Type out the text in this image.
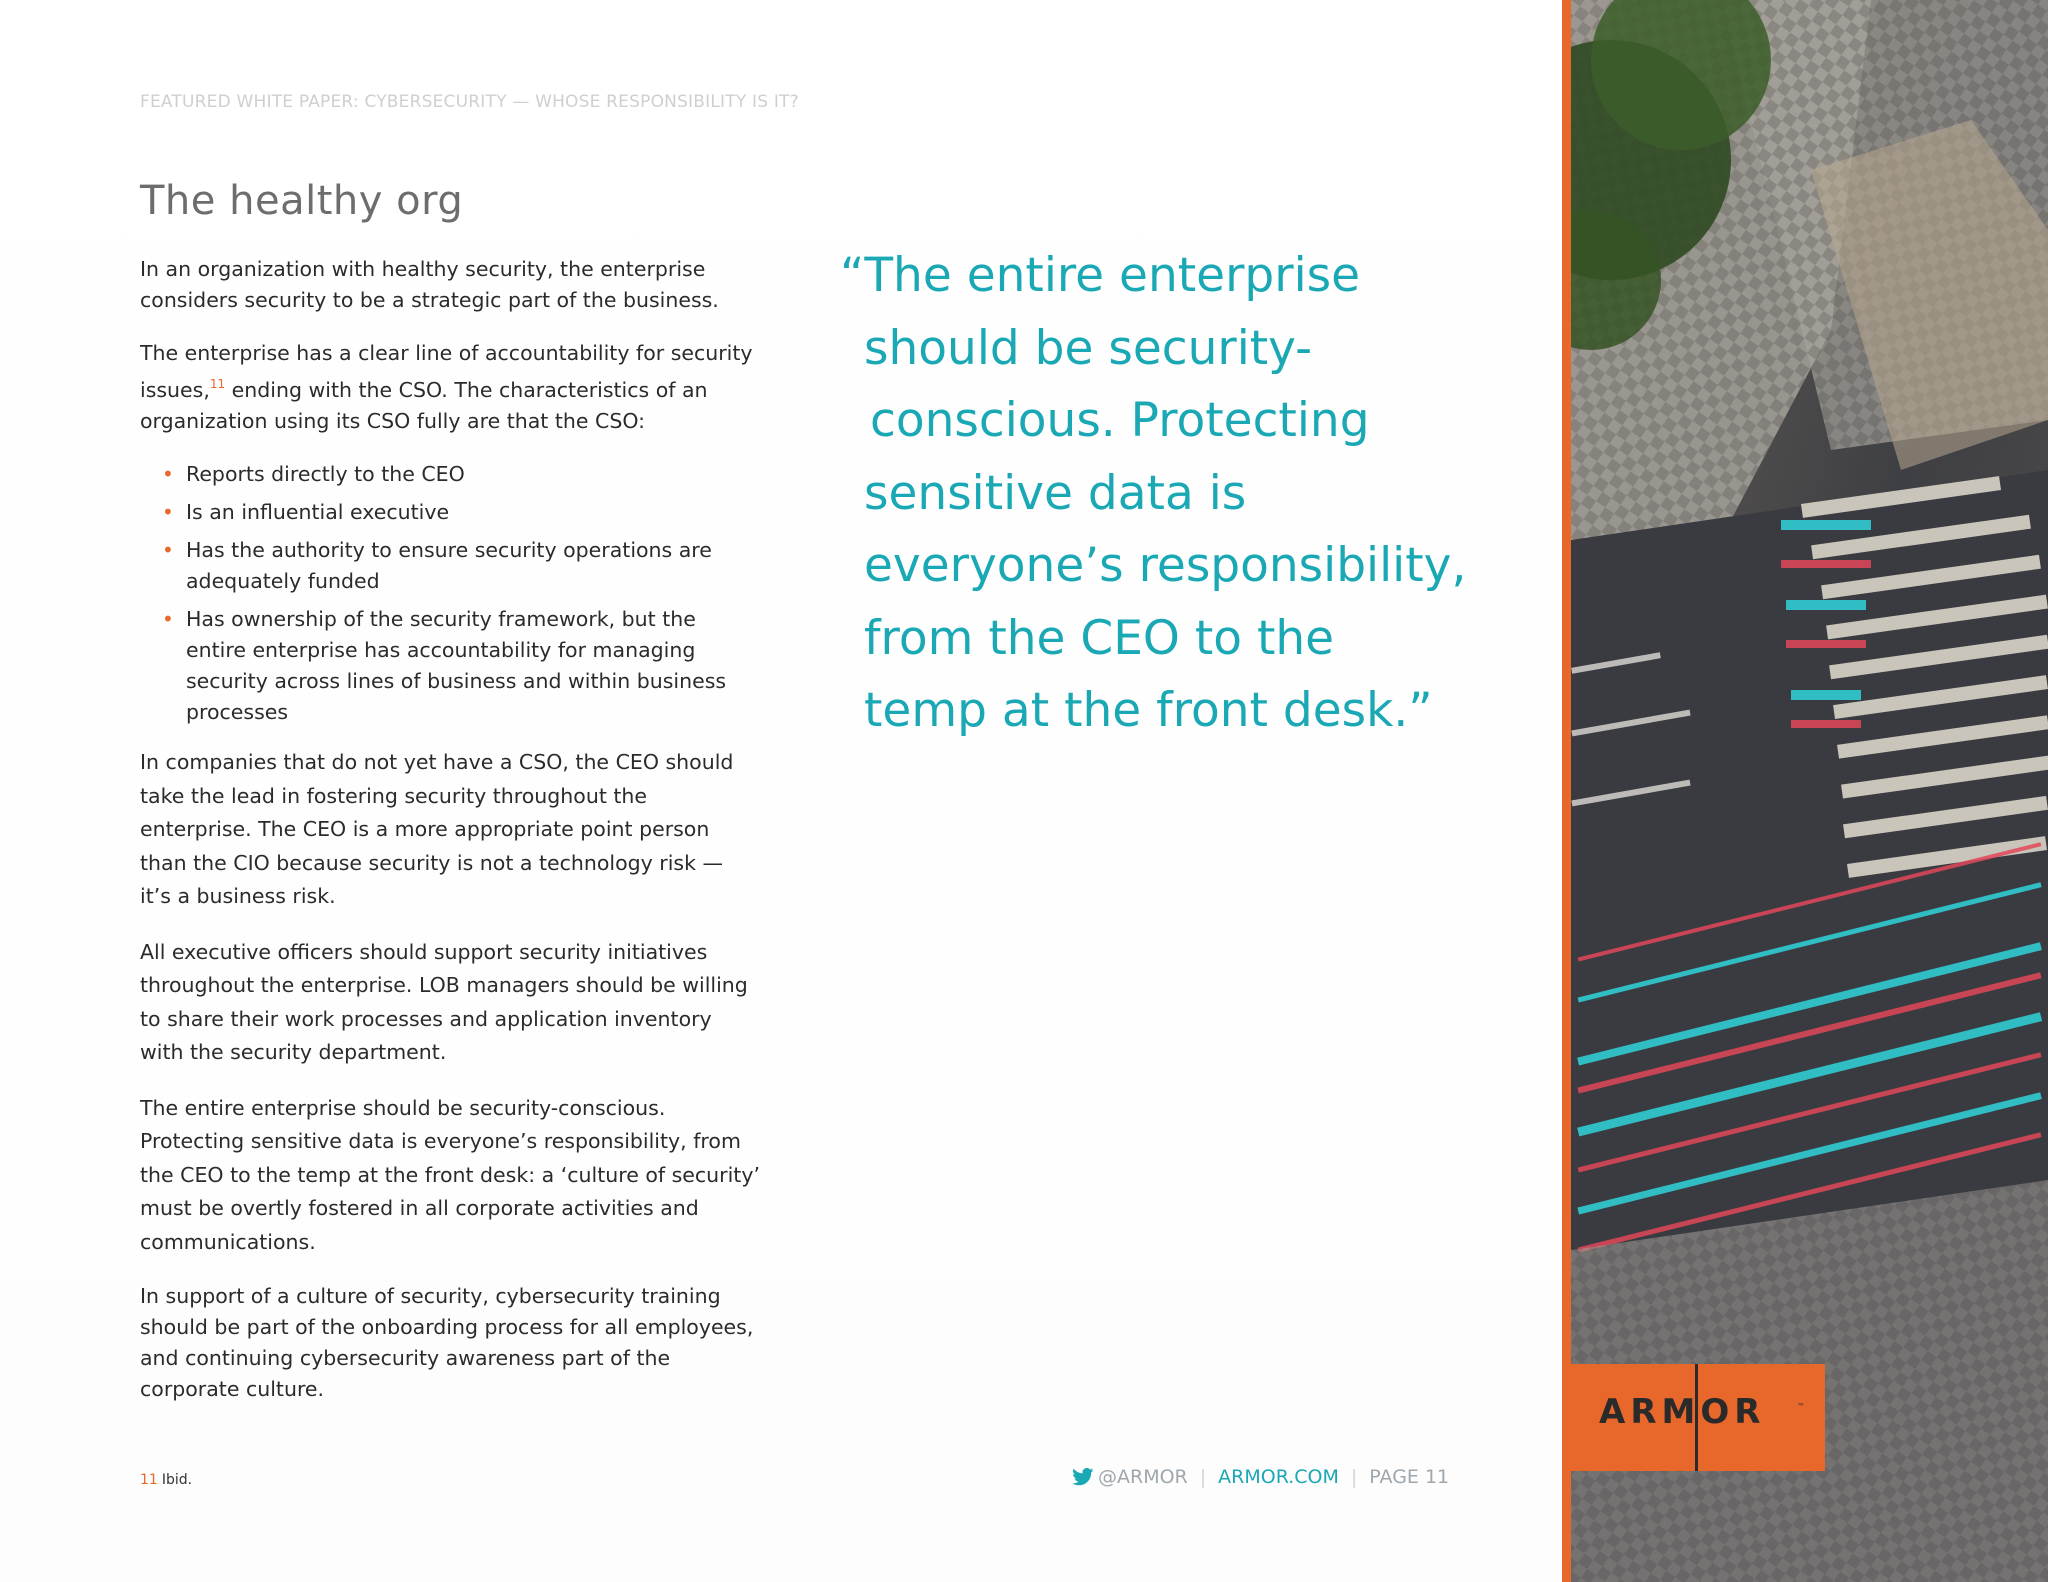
FEATURED WHITE PAPER: CYBERSECURITY — WHOSE RESPONSIBILITY IS IT?
The healthy org

In an organization with healthy security, the enterprise considers security to be a strategic part of the business.

The enterprise has a clear line of accountability for security issues,$^{11}$ ending with the CSO. The characteristics of an organization using its CSO fully are that the CSO:

• Reports directly to the CEO
• Is an influential executive
• Has the authority to ensure security operations are adequately funded
• Has ownership of the security framework, but the entire enterprise has accountability for managing security across lines of business and within business processes

In companies that do not yet have a CSO, the CEO should take the lead in fostering security throughout the enterprise. The CEO is a more appropriate point person than the CIO because security is not a technology risk — it’s a business risk.

All executive officers should support security initiatives throughout the enterprise. LOB managers should be willing to share their work processes and application inventory with the security department.

The entire enterprise should be security-conscious. Protecting sensitive data is everyone’s responsibility, from the CEO to the temp at the front desk: a ‘culture of security’ must be overtly fostered in all corporate activities and communications.

In support of a culture of security, cybersecurity training should be part of the onboarding process for all employees, and continuing cybersecurity awareness part of the corporate culture.

“The entire enterprise
should be security-
conscious. Protecting
sensitive data is
everyone’s responsibility,
from the CEO to the
temp at the front desk.”
11 Ibid.	@ARMOR | ARMOR.COM | PAGE 11
ARMOR	™
